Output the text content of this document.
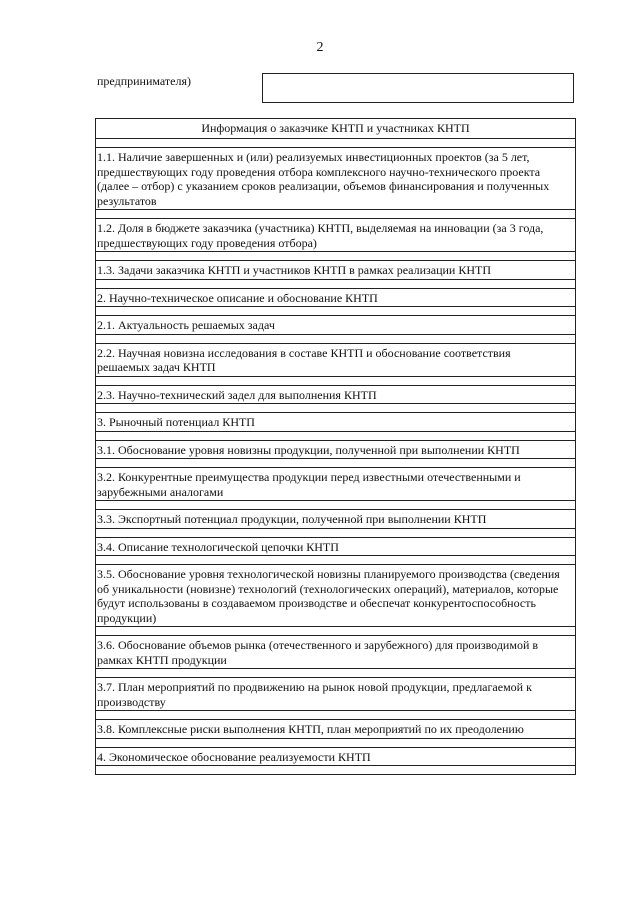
2
предпринимателя)
Информация о заказчике КНТП и участниках КНТП
1.1. Наличие завершенных и (или) реализуемых инвестиционных проектов (за 5 лет, предшествующих году проведения отбора комплексного научно-технического проекта (далее – отбор) с указанием сроков реализации, объемов финансирования и полученных результатов
1.2. Доля в бюджете заказчика (участника) КНТП, выделяемая на инновации (за 3 года, предшествующих году проведения отбора)
1.3. Задачи заказчика КНТП и участников КНТП в рамках реализации КНТП
2. Научно-техническое описание и обоснование КНТП
2.1. Актуальность решаемых задач
2.2. Научная новизна исследования в составе КНТП и обоснование соответствия решаемых задач КНТП
2.3. Научно-технический задел для выполнения КНТП
3. Рыночный потенциал КНТП
3.1. Обоснование уровня новизны продукции, полученной при выполнении КНТП
3.2. Конкурентные преимущества продукции перед известными отечественными и зарубежными аналогами
3.3. Экспортный потенциал продукции, полученной при выполнении КНТП
3.4. Описание технологической цепочки КНТП
3.5. Обоснование уровня технологической новизны планируемого производства (сведения об уникальности (новизне) технологий (технологических операций), материалов, которые будут использованы в создаваемом производстве и обеспечат конкурентоспособность продукции)
3.6. Обоснование объемов рынка (отечественного и зарубежного) для производимой в рамках КНТП продукции
3.7. План мероприятий по продвижению на рынок новой продукции, предлагаемой к производству
3.8. Комплексные риски выполнения КНТП, план мероприятий по их преодолению
4. Экономическое обоснование реализуемости КНТП
